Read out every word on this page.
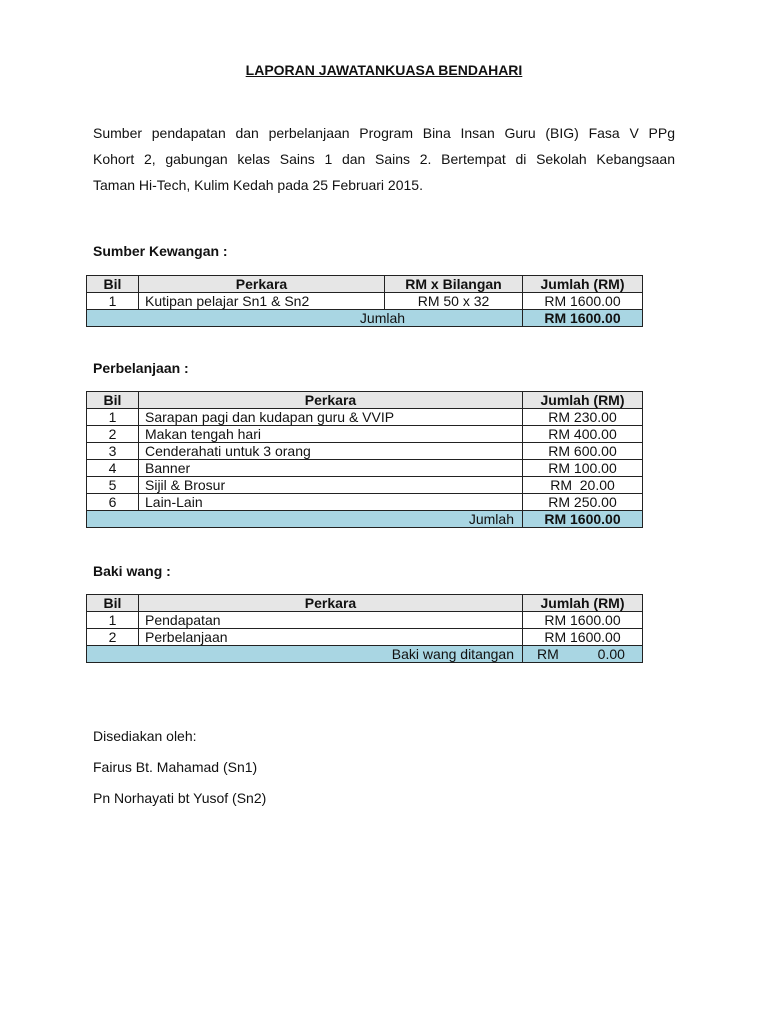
LAPORAN JAWATANKUASA BENDAHARI
Sumber pendapatan dan perbelanjaan Program Bina Insan Guru (BIG) Fasa V PPg
Kohort 2, gabungan kelas Sains 1 dan Sains 2. Bertempat di Sekolah Kebangsaan
Taman Hi-Tech, Kulim Kedah pada 25 Februari 2015.
Sumber Kewangan :
Bil	Perkara	RM x Bilangan	Jumlah (RM)
1	Kutipan pelajar Sn1 & Sn2	RM 50 x 32	RM 1600.00
Jumlah			RM 1600.00
Perbelanjaan :
Bil	Perkara	Jumlah (RM)
1	Sarapan pagi dan kudapan guru & VVIP	RM 230.00
2	Makan tengah hari	RM 400.00
3	Cenderahati untuk 3 orang	RM 600.00
4	Banner	RM 100.00
5	Sijil & Brosur	RM  20.00
6	Lain-Lain	RM 250.00
Jumlah		RM 1600.00
Baki wang :
Bil	Perkara	Jumlah (RM)
1	Pendapatan	RM 1600.00
2	Perbelanjaan	RM 1600.00
Baki wang ditangan		RM          0.00
Disediakan oleh:
Fairus Bt. Mahamad (Sn1)
Pn Norhayati bt Yusof (Sn2)
